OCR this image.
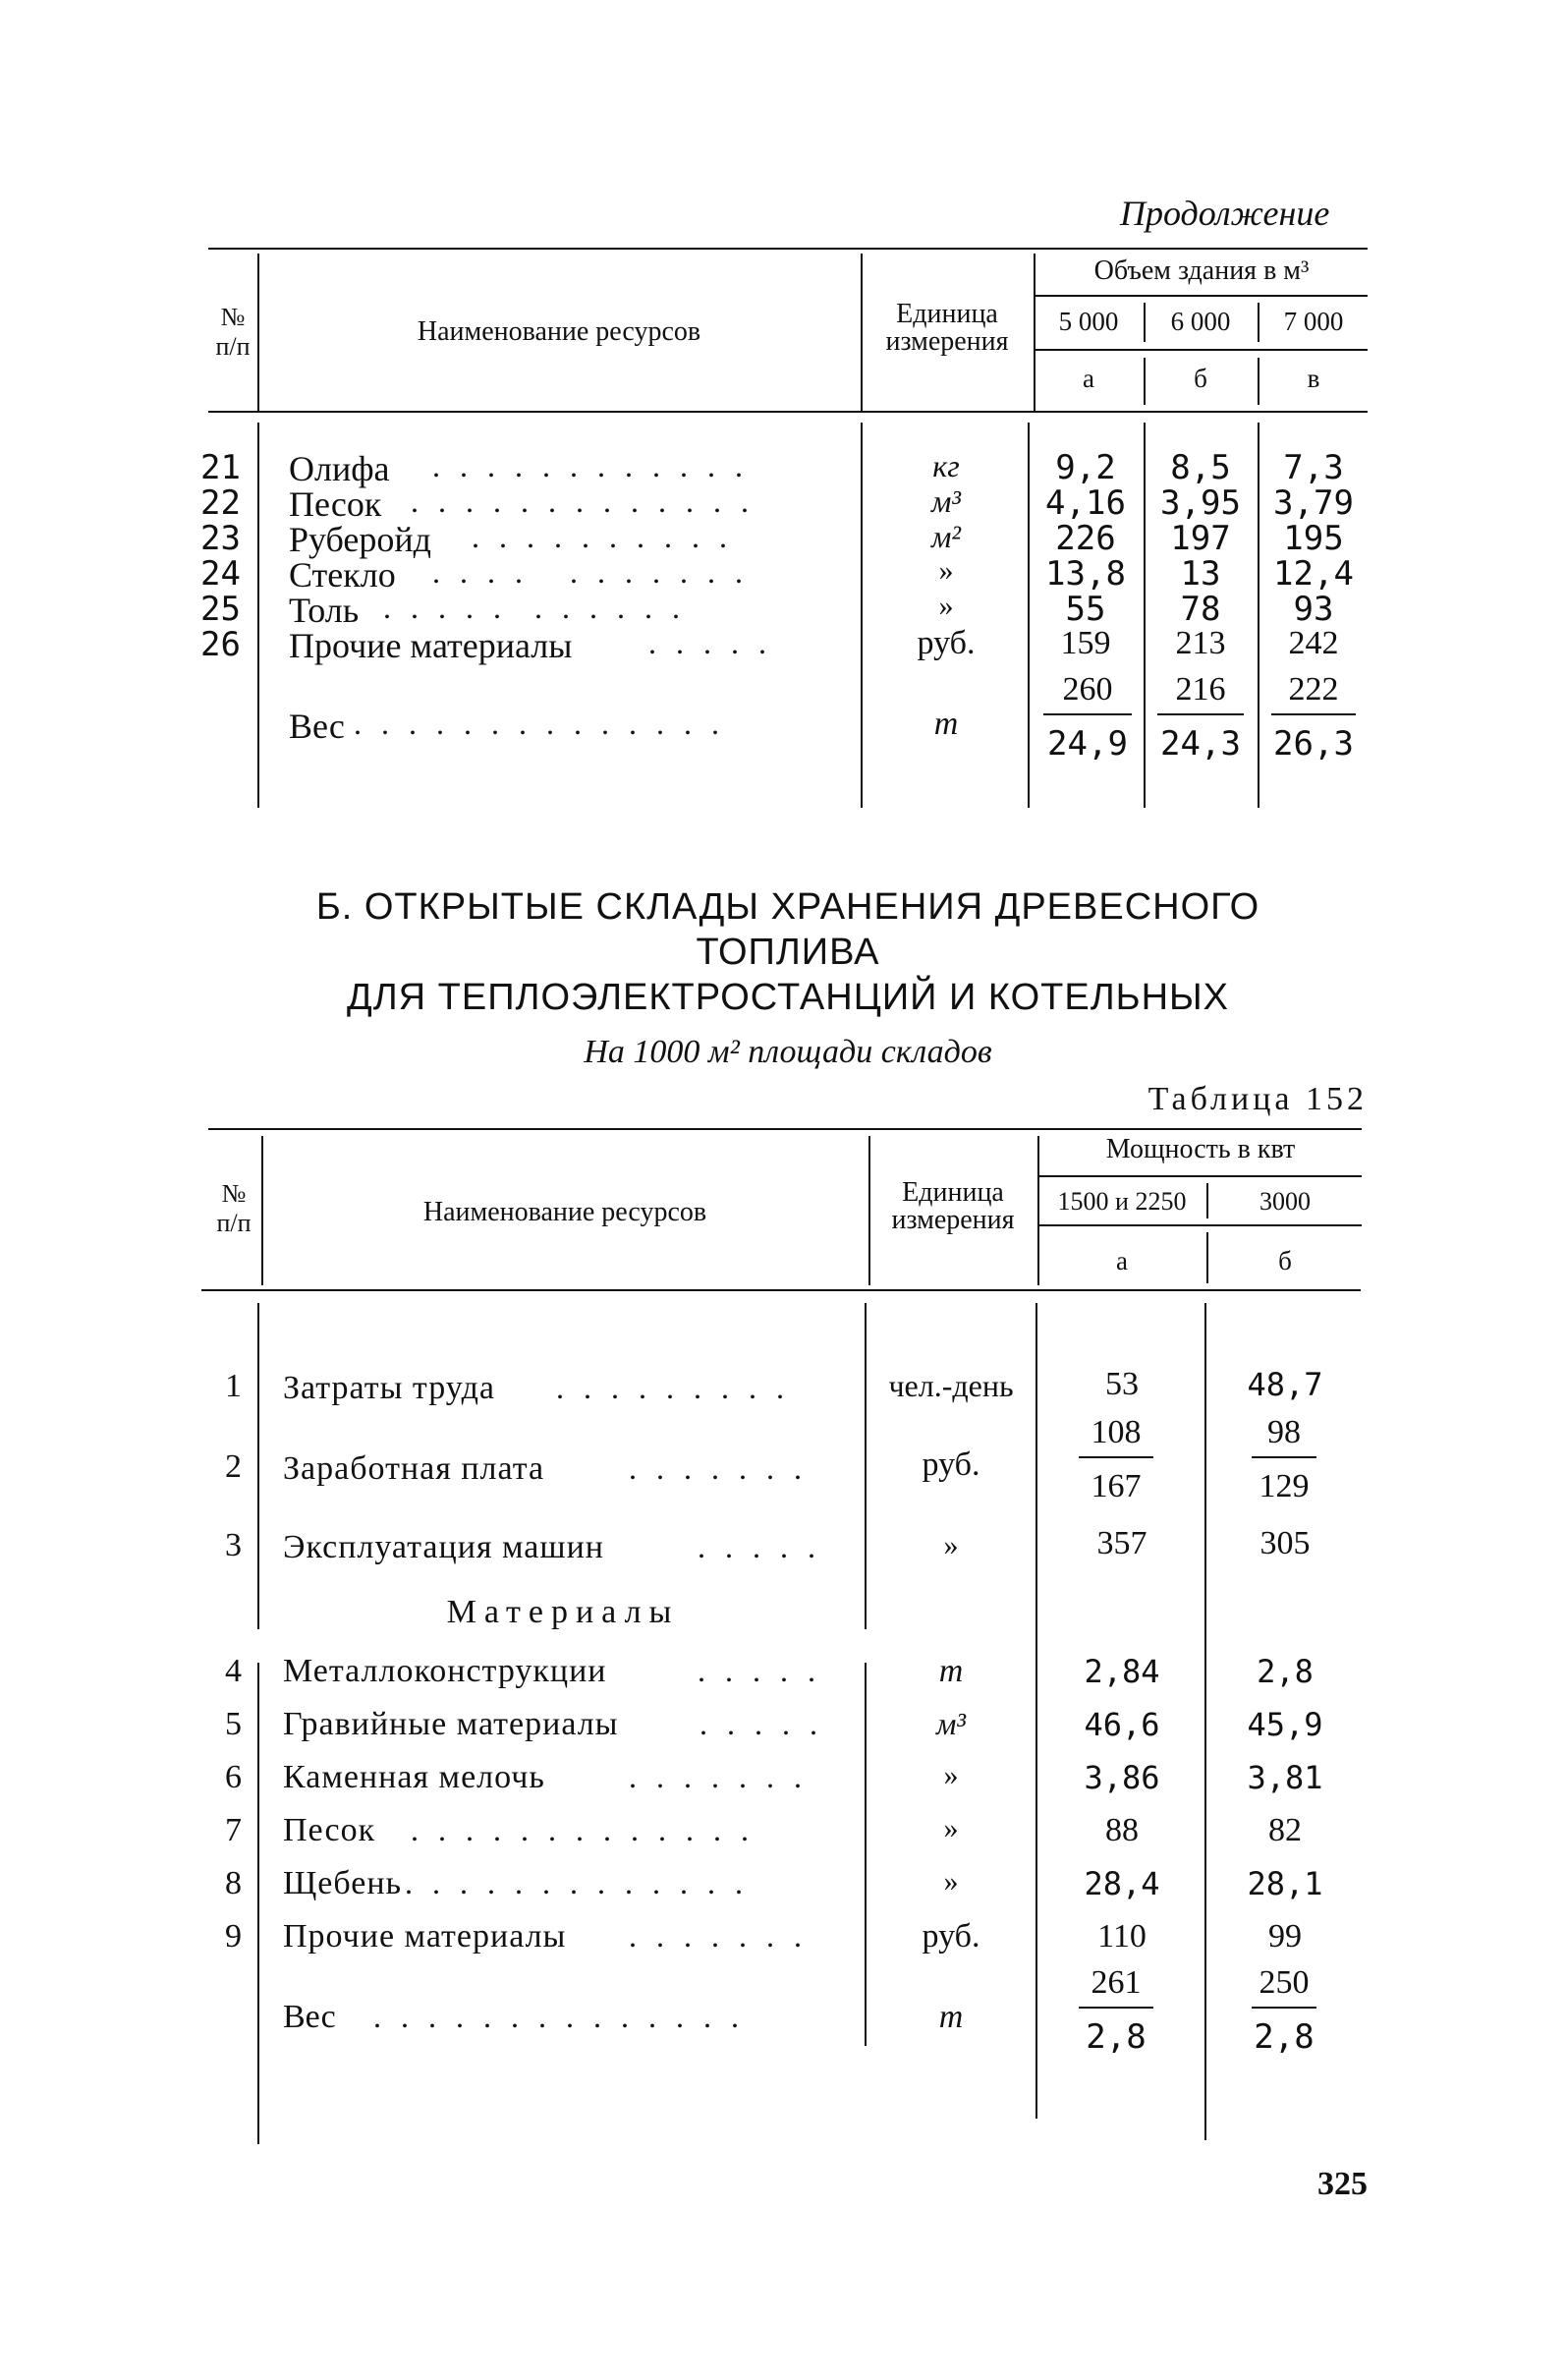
Продолжение
№ п/п	Наименование ресурсов
Единица измерения
Объем здания в м³
5 000	6 000	7 000
а	б	в
21 Олифа . . . . . . . . . . . .	кг	9,2	8,5	7,3
22 Песок . . . . . . . . . . . . .	м³	4,16	3,95 3,79
23 Руберойд . . . . . . . . . .	м²	226	197	195
24 Стекло . . . .   . . . . . . .	»	13,8	13	12,4
25 Толь . . . . .  . . . . . .	»	55	78	93
26 Прочие материалы . . . . .	руб.	159	213	242
Вес . . . . . . . . . . . . . .	т	$\frac{260}{24,9} \frac{216}{24,3} \frac{222}{26,3}$
Б. ОТКРЫТЫЕ СКЛАДЫ ХРАНЕНИЯ ДРЕВЕСНОГО
ТОПЛИВА
ДЛЯ ТЕПЛОЭЛЕКТРОСТАНЦИЙ И КОТЕЛЬНЫХ
На 1000 м² площади складов
Таблица 152
№ п/п	Наименование ресурсов
Единица измерения
Мощность в квт
1500 и 2250	3000
а	б
1 Затраты труда . . . . . . . . .	чел.-день	53	48,7
2 Заработная плата	. . . . . . .	руб.	$\frac{108}{167}$	$\frac{98}{129}$
3 Эксплуатация машин	. . . . .	»	357	305
Материалы
4 Металлоконструкции	. . . . .	т	2,84	2,8
5 Гравийные материалы	. . . . .	м³	46,6	45,9
6 Каменная мелочь	. . . . . . .	»	3,86	3,81
7 Песок . . . . . . . . . . . . .	»	88	82
8 Щебень . . . . . . . . . . . . .	»	28,4	28,1
9 Прочие материалы . . . . . . .	руб.	110	99
Вес . . . . . . . . . . . . . .	т	$\frac{261}{2,8}$	$\frac{250}{2,8}$
325
